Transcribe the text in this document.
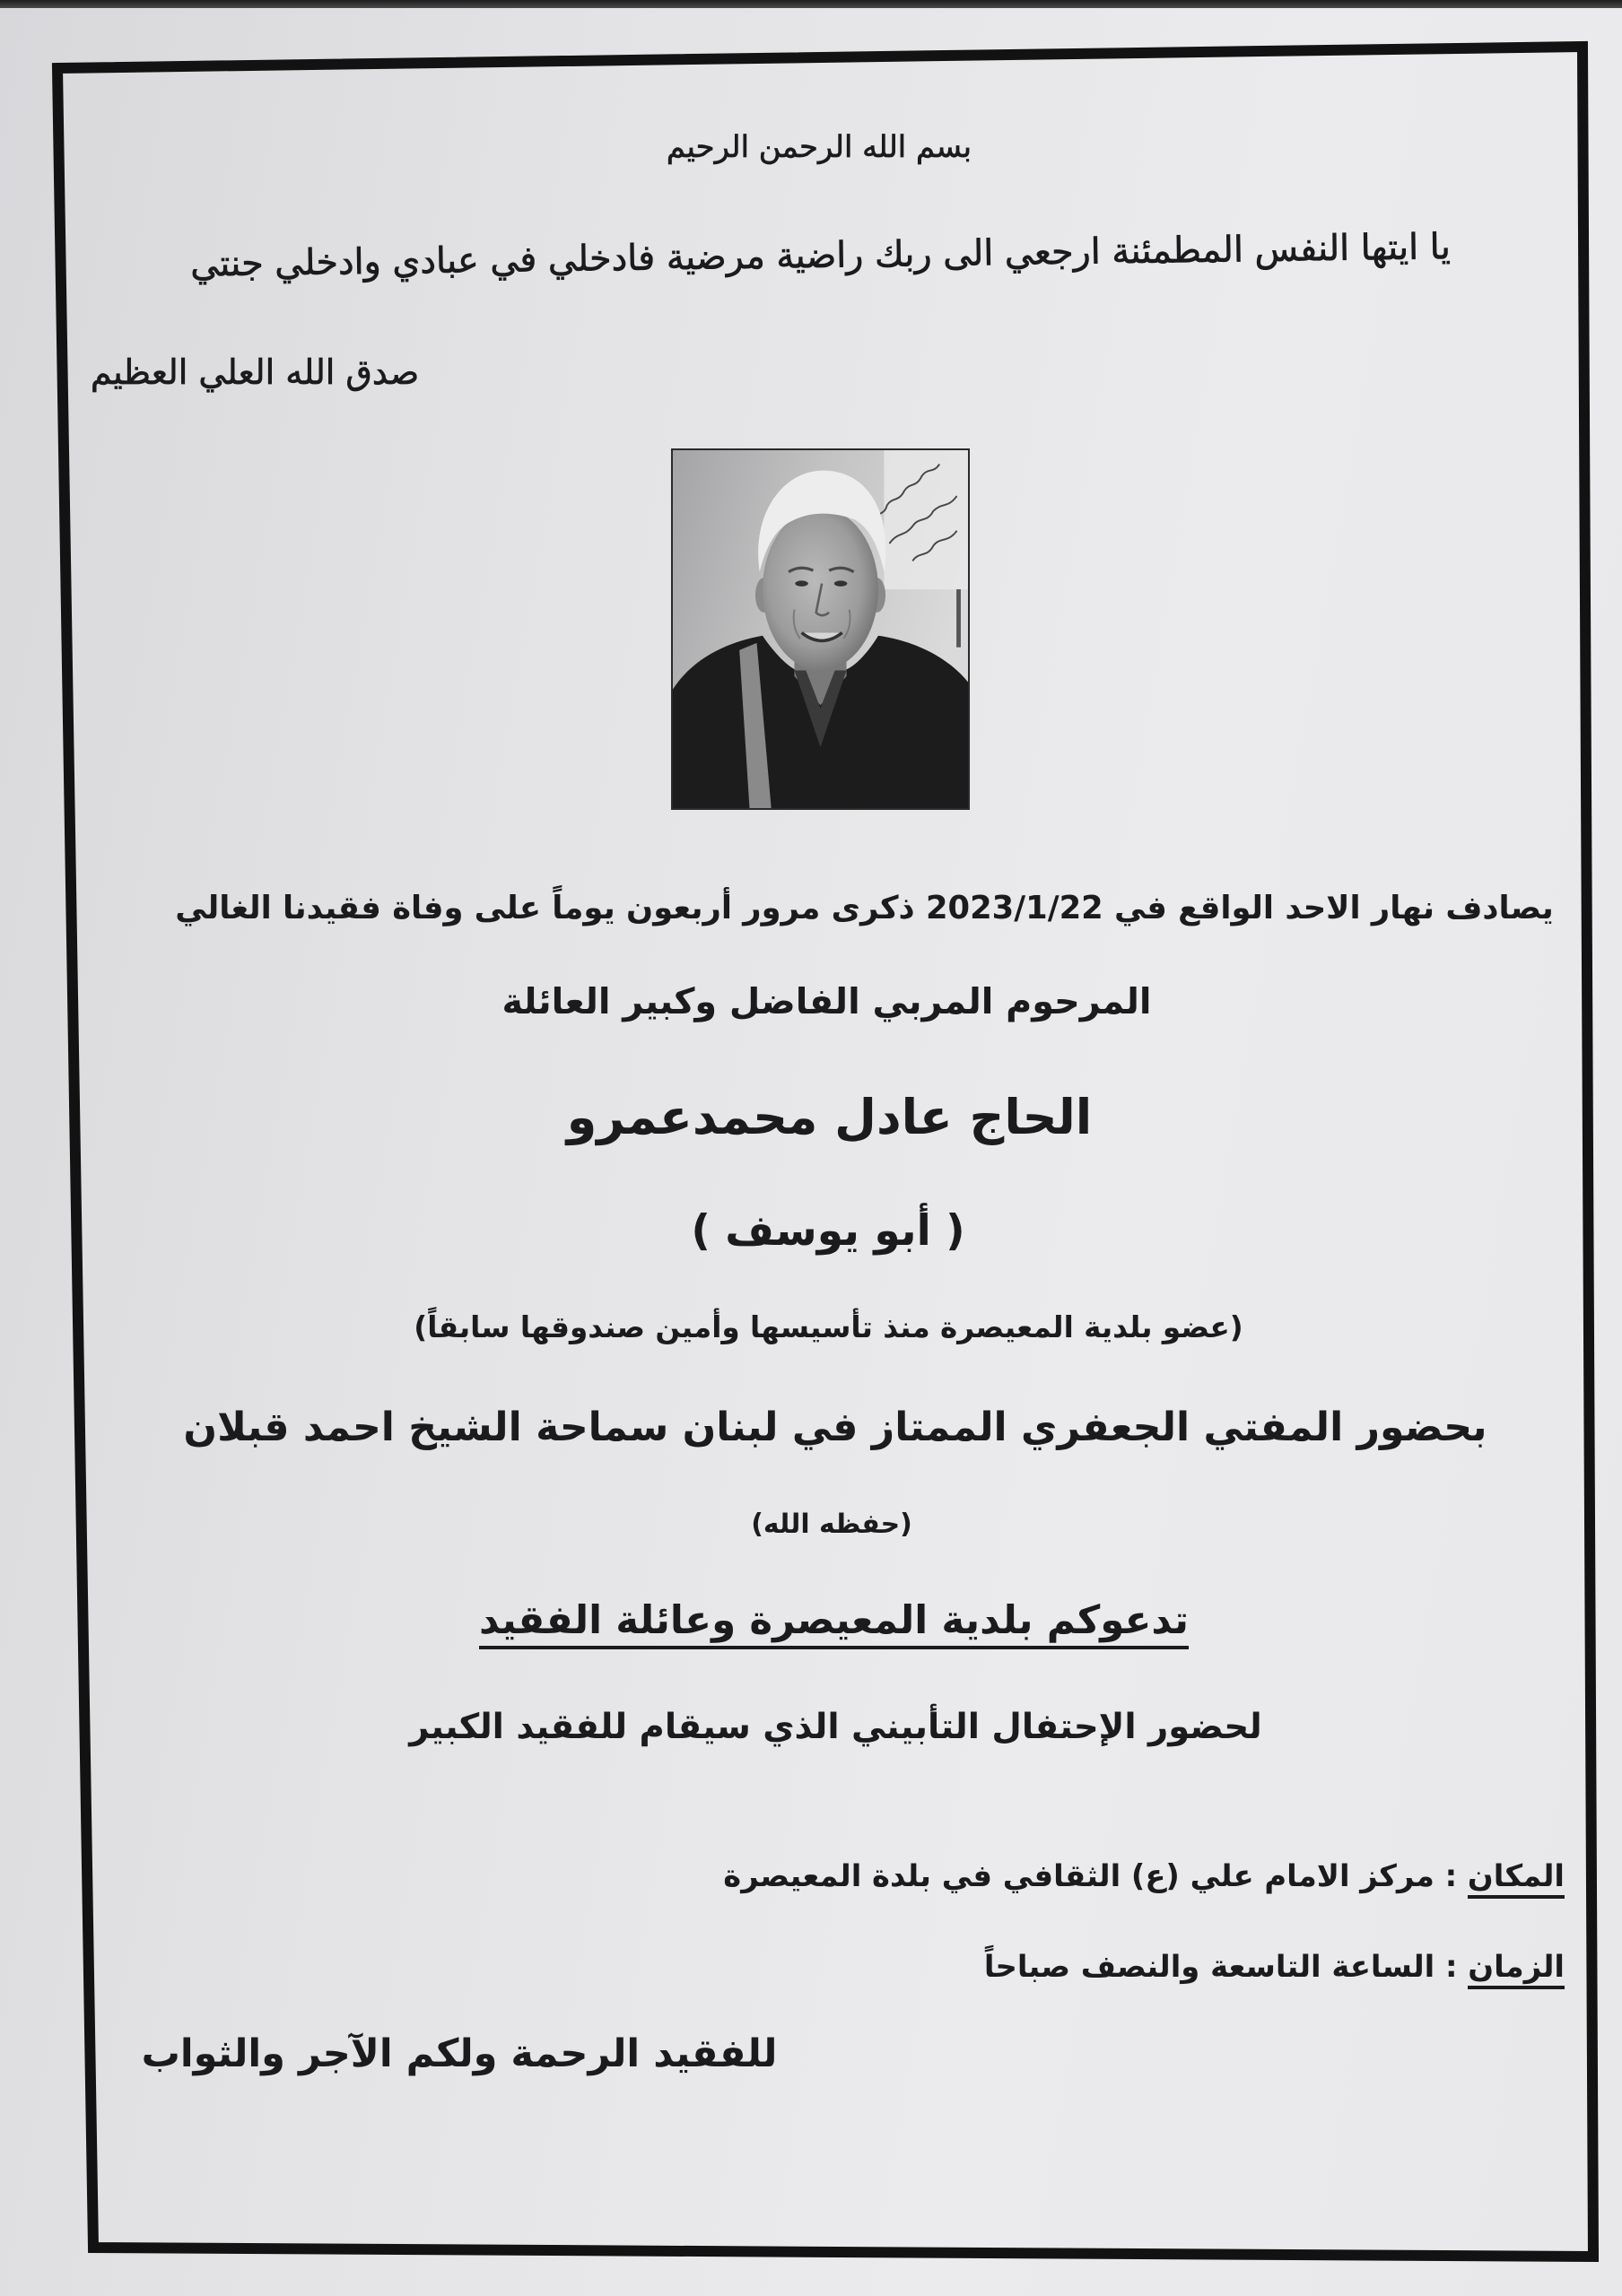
بسم الله الرحمن الرحيم
يا ايتها النفس المطمئنة ارجعي الى ربك راضية مرضية فادخلي في عبادي وادخلي جنتي
صدق الله العلي العظيم
يصادف نهار الاحد الواقع في 2023/1/22 ذكرى مرور أربعون يوماً على وفاة فقيدنا الغالي
المرحوم المربي الفاضل وكبير العائلة
الحاج عادل محمدعمرو
( أبو يوسف )
(عضو بلدية المعيصرة منذ تأسيسها وأمين صندوقها سابقاً)
بحضور المفتي الجعفري الممتاز في لبنان سماحة الشيخ احمد قبلان
(حفظه الله)
تدعوكم بلدية المعيصرة وعائلة الفقيد
لحضور الإحتفال التأبيني الذي سيقام للفقيد الكبير
المكان : مركز الامام علي (ع) الثقافي في بلدة المعيصرة
الزمان : الساعة التاسعة والنصف صباحاً
للفقيد الرحمة ولكم الآجر والثواب
